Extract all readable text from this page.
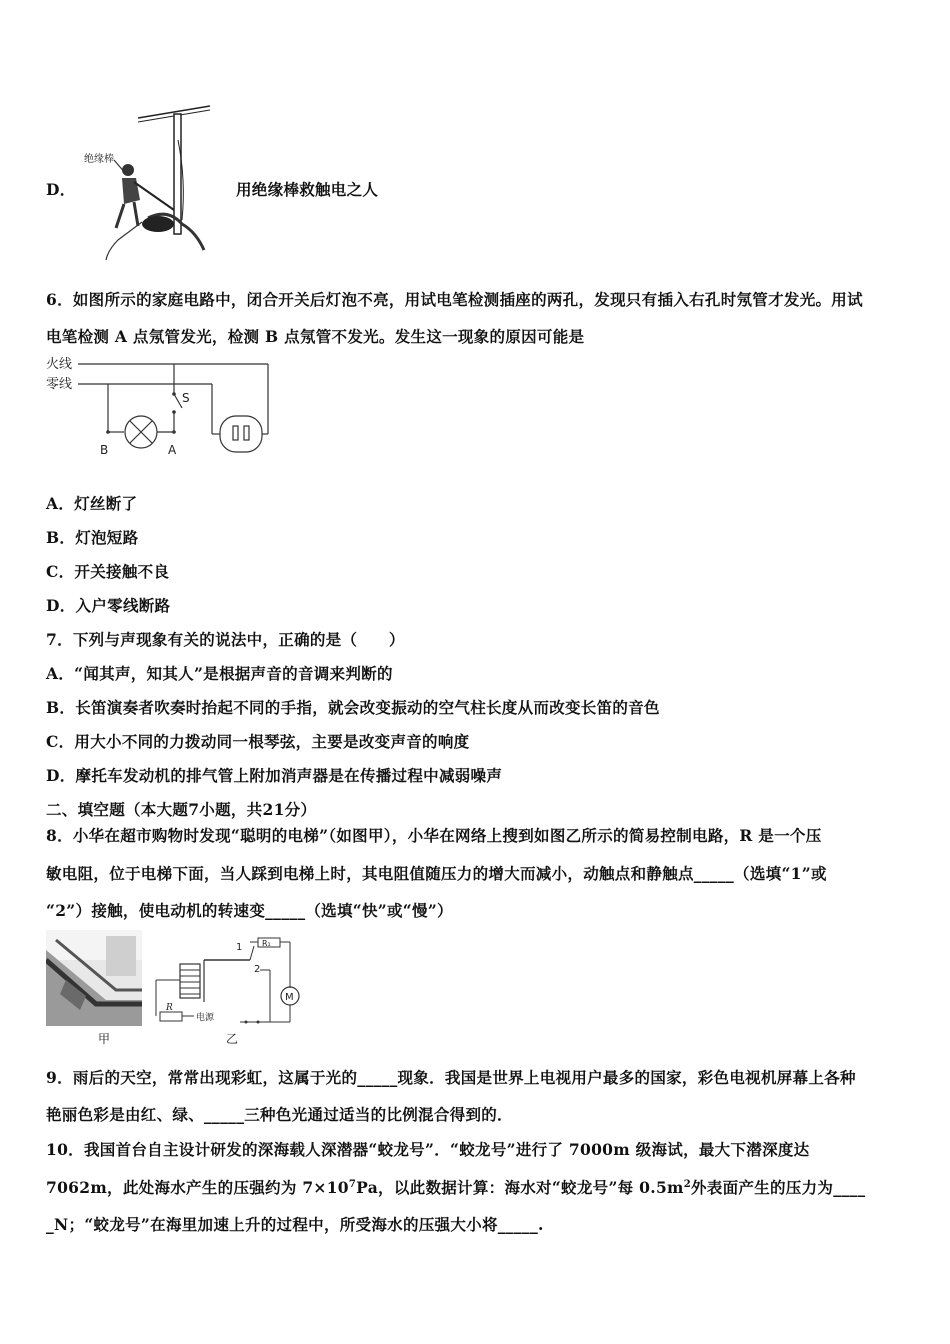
D．
绝缘棒
用绝缘棒救触电之人
6．如图所示的家庭电路中，闭合开关后灯泡不亮，用试电笔检测插座的两孔，发现只有插入右孔时氖管才发光。用试
电笔检测 A 点氖管发光，检测 B 点氖管不发光。发生这一现象的原因可能是
火线
零线
S
B	A
A．灯丝断了
B．灯泡短路
C．开关接触不良
D．入户零线断路
7．下列与声现象有关的说法中，正确的是（　　）
A．“闻其声，知其人”是根据声音的音调来判断的
B．长笛演奏者吹奏时抬起不同的手指，就会改变振动的空气柱长度从而改变长笛的音色
C．用大小不同的力拨动同一根琴弦，主要是改变声音的响度
D．摩托车发动机的排气管上附加消声器是在传播过程中减弱噪声
二、填空题（本大题7小题，共21分）
8．小华在超市购物时发现“聪明的电梯”（如图甲），小华在网络上搜到如图乙所示的简易控制电路，R 是一个压
敏电阻，位于电梯下面，当人踩到电梯上时，其电阻值随压力的增大而减小，动触点和静触点_____（选填“1”或
“2”）接触，使电动机的转速变_____（选填“快”或“慢”）
甲
1
2
R₁
M
R
电源
乙
9．雨后的天空，常常出现彩虹，这属于光的_____现象．我国是世界上电视用户最多的国家，彩色电视机屏幕上各种
艳丽色彩是由红、绿、_____三种色光通过适当的比例混合得到的．
10．我国首台自主设计研发的深海载人深潜器“蛟龙号”．“蛟龙号”进行了 7000m 级海试，最大下潜深度达
7062m，此处海水产生的压强约为 $7\times 10^7Pa$，以此数据计算：海水对“蛟龙号”每 $0.5m^2$外表面产生的压力为____
_N；“蛟龙号”在海里加速上升的过程中，所受海水的压强大小将_____.
